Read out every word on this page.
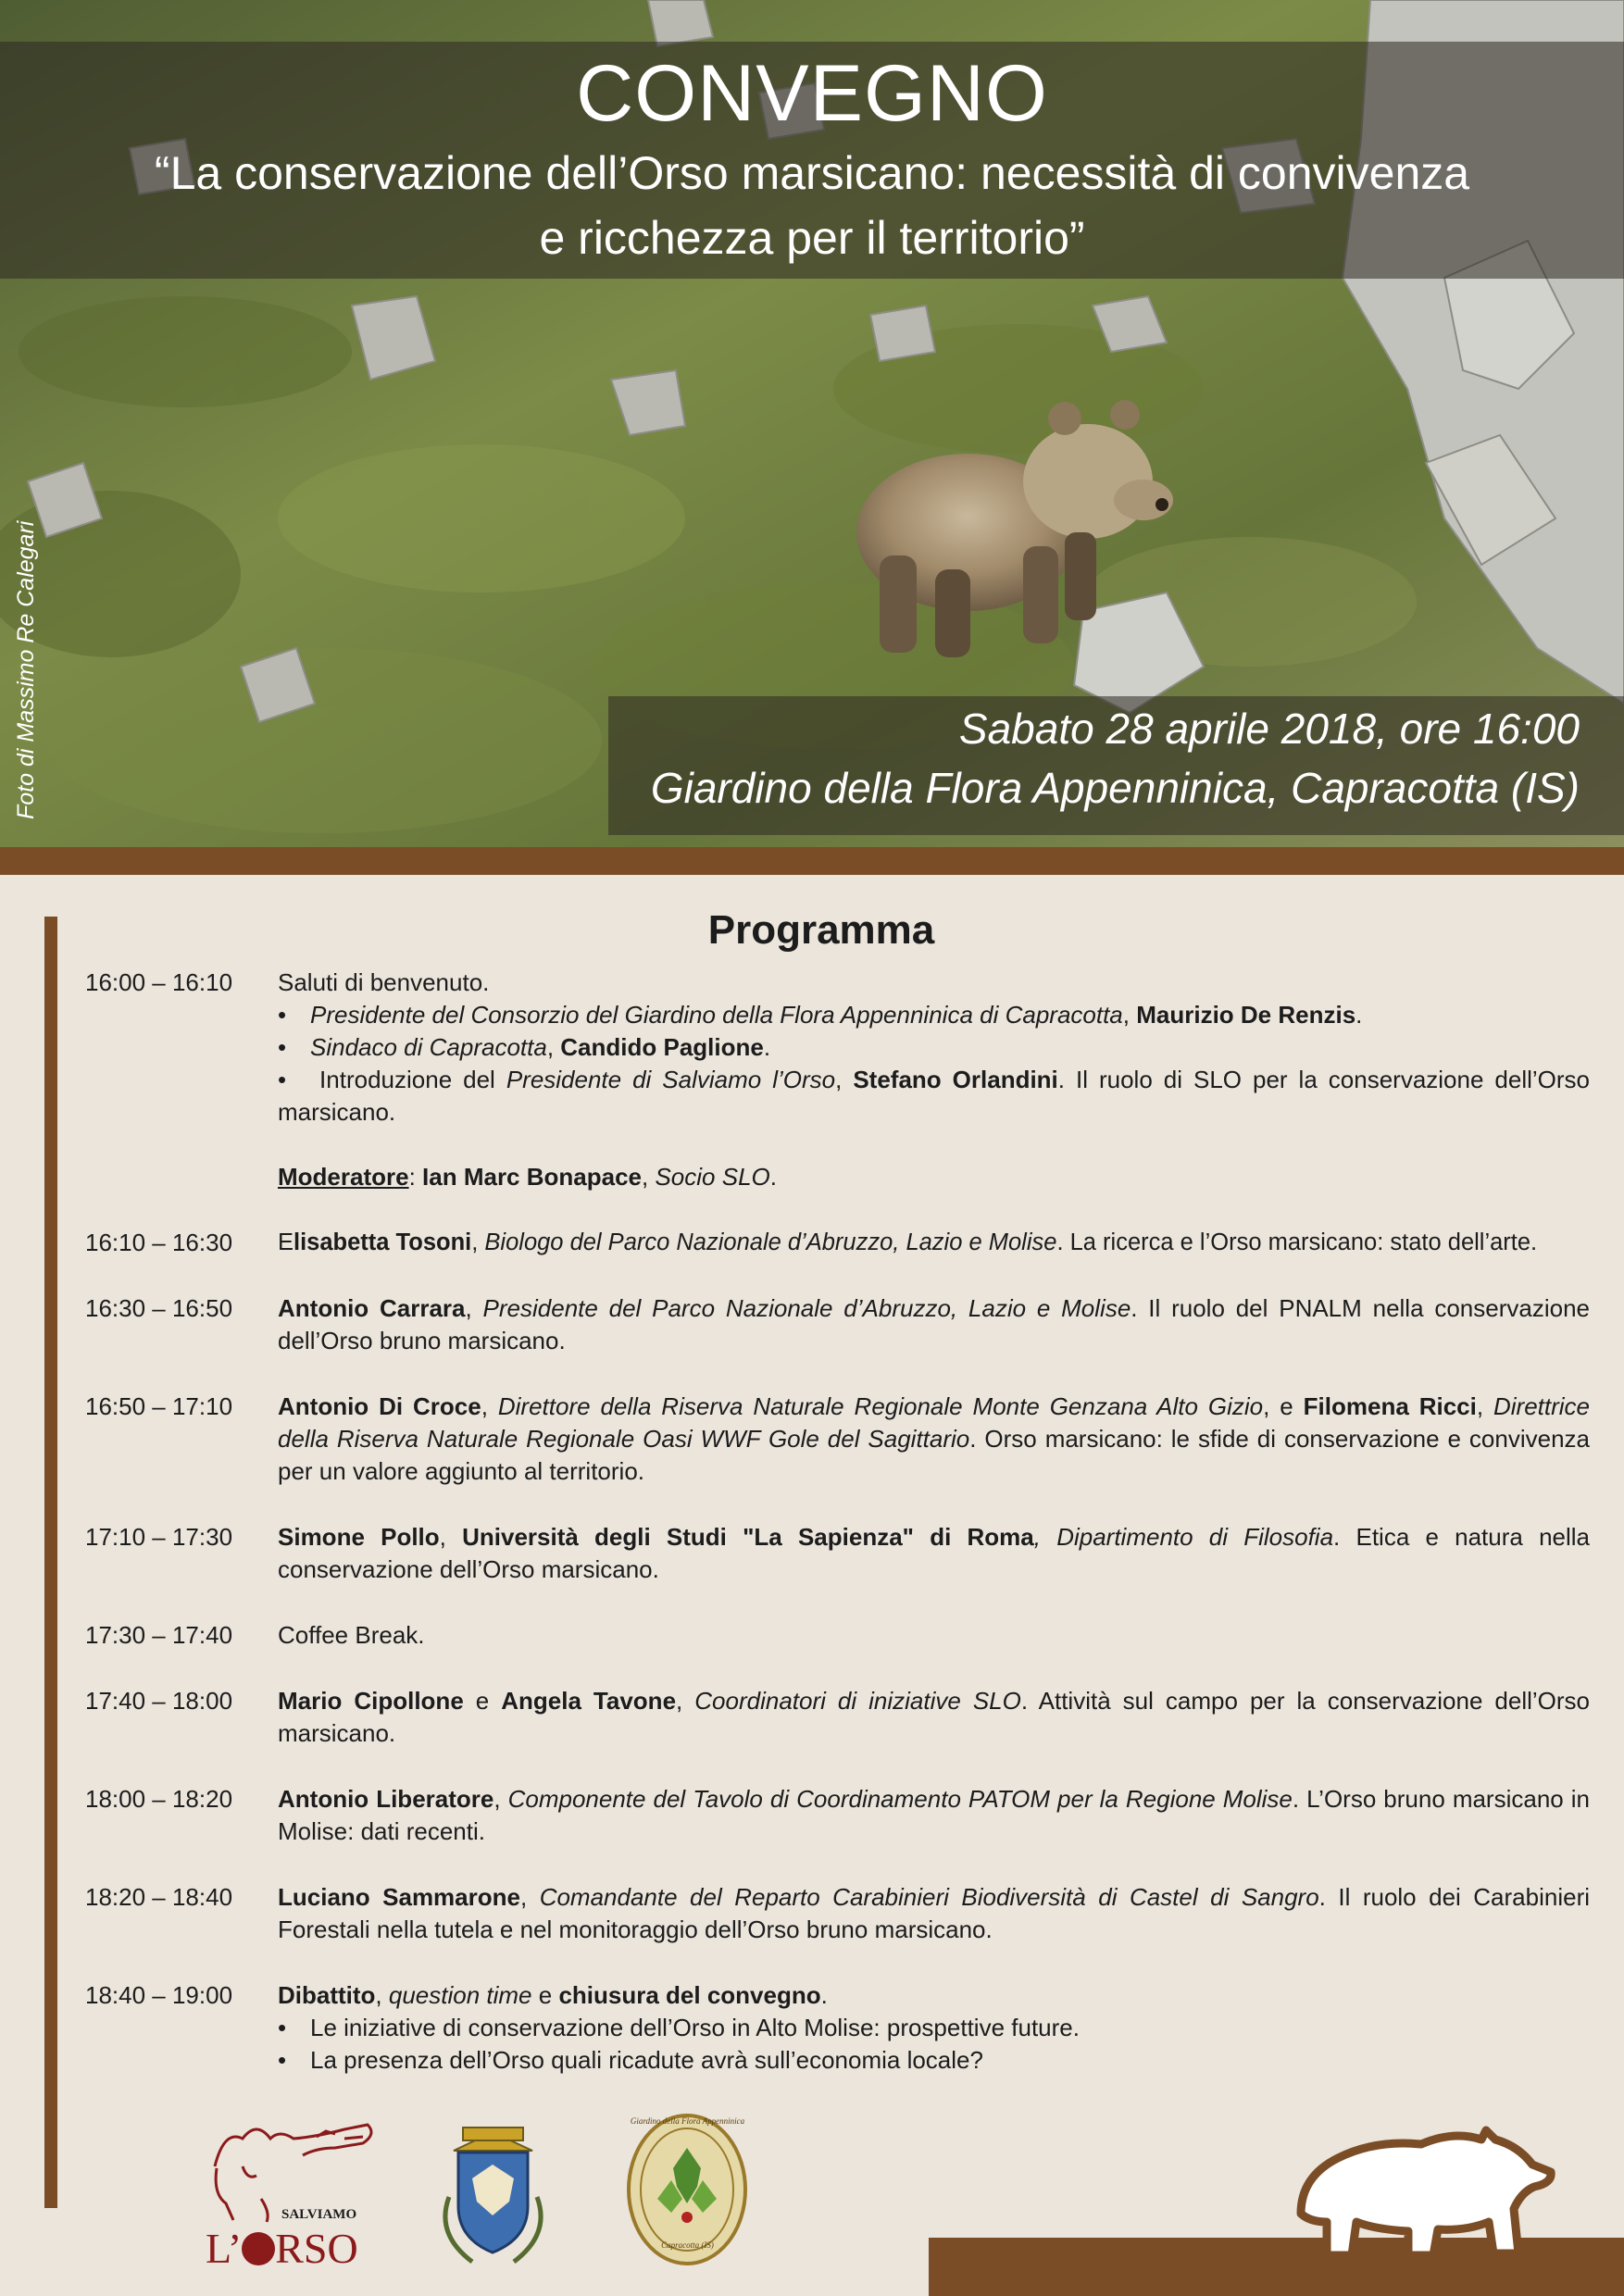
CONVEGNO
“La conservazione dell’Orso marsicano: necessità di convivenza
e ricchezza per il territorio”
Sabato 28 aprile 2018, ore 16:00
Giardino della Flora Appenninica, Capracotta (IS)
Foto di Massimo Re Calegari
Programma
16:00 – 16:10	Saluti di benvenuto.

• Presidente del Consorzio del Giardino della Flora Appenninica di Capracotta, Maurizio De Renzis.
• Sindaco di Capracotta, Candido Paglione.

•   Introduzione del Presidente di Salviamo l’Orso, Stefano Orlandini. Il ruolo di SLO per la conservazione dell’Orso marsicano.

Moderatore: Ian Marc Bonapace, Socio SLO.

16:10 – 16:30	Elisabetta Tosoni, Biologo del Parco Nazionale d’Abruzzo, Lazio e Molise. La ricerca e l’Orso marsicano: stato dell’arte.
16:30 – 16:50	Antonio Carrara, Presidente del Parco Nazionale d’Abruzzo, Lazio e Molise. Il ruolo del PNALM nella conservazione dell’Orso bruno marsicano.
16:50 – 17:10	Antonio Di Croce, Direttore della Riserva Naturale Regionale Monte Genzana Alto Gizio, e Filomena Ricci, Direttrice della Riserva Naturale Regionale Oasi WWF Gole del Sagittario. Orso marsicano: le sfide di conservazione e convivenza per un valore aggiunto al territorio.
17:10 – 17:30	Simone Pollo, Università degli Studi "La Sapienza" di Roma, Dipartimento di Filosofia. Etica e natura nella conservazione dell’Orso marsicano.
17:30 – 17:40	Coffee Break.
17:40 – 18:00	Mario Cipollone e Angela Tavone, Coordinatori di iniziative SLO. Attività sul campo per la conservazione dell’Orso marsicano.
18:00 – 18:20	Antonio Liberatore, Componente del Tavolo di Coordinamento PATOM per la Regione Molise. L’Orso bruno marsicano in Molise: dati recenti.
18:20 – 18:40	Luciano Sammarone, Comandante del Reparto Carabinieri Biodiversità di Castel di Sangro. Il ruolo dei Carabinieri Forestali nella tutela e nel monitoraggio dell’Orso bruno marsicano.
18:40 – 19:00	Dibattito, question time e chiusura del convegno.

• Le iniziative di conservazione dell’Orso in Alto Molise: prospettive future.
• La presenza dell’Orso quali ricadute avrà sull’economia locale?
SALVIAMO
L’ RSO
Giardino della Flora Appenninica
Capracotta (IS)
